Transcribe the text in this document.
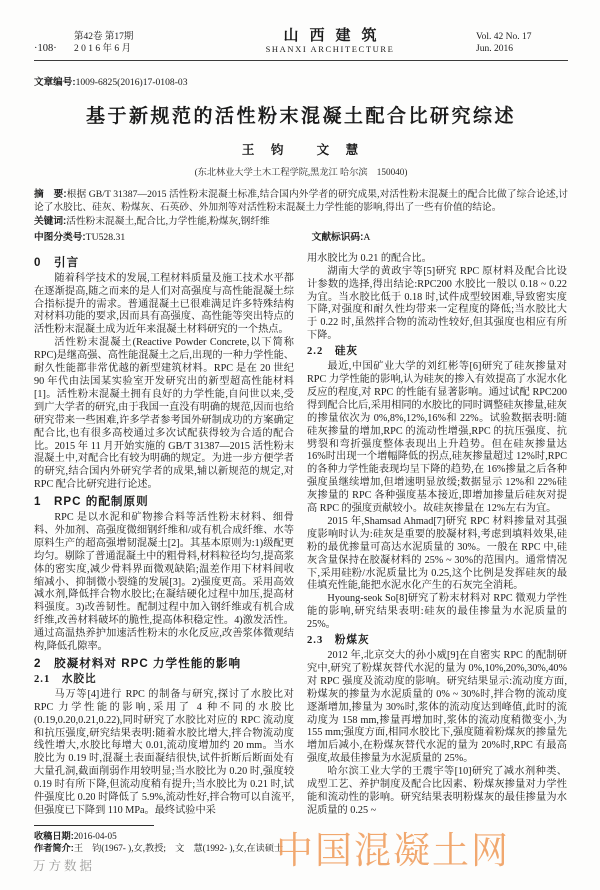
·108·
第42卷 第17期
2 0 1 6 年 6 月
山西建筑
SHANXI ARCHITECTURE
Vol. 42 No. 17
Jun. 2016
文章编号:1009-6825(2016)17-0108-03
基于新规范的活性粉末混凝土配合比研究综述
王　钧 文　慧
(东北林业大学土木工程学院,黑龙江 哈尔滨　150040)
摘　要:根据 GB/T 31387—2015 活性粉末混凝土标准,结合国内外学者的研究成果,对活性粉末混凝土的配合比做了综合论述,讨论了水胶比、硅灰、粉煤灰、石英砂、外加剂等对活性粉末混凝土力学性能的影响,得出了一些有价值的结论。
关键词:活性粉末混凝土,配合比,力学性能,粉煤灰,钢纤维
中图分类号:TU528.31	文献标识码:A
0　引言

随着科学技术的发展,工程材料质量及施工技术水平都在逐渐提高,随之而来的是人们对高强度与高性能混凝土综合指标提升的需求。普通混凝土已很难满足许多特殊结构对材料功能的要求,因而具有高强度、高性能等突出特点的活性粉末混凝土成为近年来混凝土材料研究的一个热点。

活性粉末混凝土(Reactive Powder Concrete,以下简称 RPC)是继高强、高性能混凝土之后,出现的一种力学性能、耐久性能都非常优越的新型建筑材料。RPC 是在 20 世纪 90 年代由法国某实验室开发研究出的新型超高性能材料[1]。活性粉末混凝土拥有良好的力学性能,自问世以来,受到广大学者的研究,由于我国一直没有明确的规范,因而也给研究带来一些困难,许多学者参考国外研制成功的方案确定配合比,也有很多高校通过多次试配获得较为合适的配合比。2015 年 11 月开始实施的 GB/T 31387—2015 活性粉末混凝土中,对配合比有较为明确的规定。为进一步方便学者的研究,结合国内外研究学者的成果,辅以新规范的规定,对 RPC 配合比研究进行论述。

1　RPC 的配制原则

RPC 是以水泥和矿物掺合料等活性粉末材料、细骨料、外加剂、高强度微细钢纤维和/或有机合成纤维、水等原料生产的超高强增韧混凝土[2]。其基本原则为:1)级配更均匀。剔除了普通混凝土中的粗骨料,材料粒径均匀,提高浆体的密实度,减少骨料界面微观缺陷;温差作用下材料间收缩减小、抑制微小裂缝的发展[3]。2)强度更高。采用高效减水剂,降低拌合物水胶比;在凝结硬化过程中加压,提高材料强度。3)改善韧性。配制过程中加入钢纤维或有机合成纤维,改善材料破坏的脆性,提高体积稳定性。4)激发活性。通过高温热养护加速活性粉末的水化反应,改善浆体微观结构,降低孔隙率。

2　胶凝材料对 RPC 力学性能的影响
2.1　水胶比

马万等[4]进行 RPC 的制备与研究,探讨了水胶比对 RPC 力学性能的影响,采用了 4 种不同的水胶比(0.19,0.20,0.21,0.22),同时研究了水胶比对应的 RPC 流动度和抗压强度,研究结果表明:随着水胶比增大,拌合物流动度线性增大,水胶比每增大 0.01,流动度增加约 20 mm。当水胶比为 0.19 时,混凝土表面凝结很快,试件折断后断面处有大量孔洞,截面削弱作用较明显;当水胶比为 0.20 时,强度较 0.19 时有所下降,但流动度稍有提升;当水胶比为 0.21 时,试件强度比 0.20 时降低了 5.9%,流动性好,拌合物可以自流平,但强度已下降到 110 MPa。最终试验中采

收稿日期:2016-04-05

作者简介:王　钧(1967- ),女,教授;　文　慧(1992- ),女,在读硕士

用水胶比为 0.21 的配合比。

湖南大学的黄政宇等[5]研究 RPC 原材料及配合比设计参数的选择,得出结论:RPC200 水胶比一般以 0.18 ~ 0.22 为宜。当水胶比低于 0.18 时,试件成型较困难,导致密实度下降,对强度和耐久性均带来一定程度的降低;当水胶比大于 0.22 时,虽然拌合物的流动性较好,但其强度也相应有所下降。

2.2　硅灰

最近,中国矿业大学的刘红彬等[6]研究了硅灰掺量对 RPC 力学性能的影响,认为硅灰的掺入有效提高了水泥水化反应的程度,对 RPC 的性能有显著影响。通过试配 RPC200 得到配合比后,采用相同的水胶比的同时调整硅灰掺量,硅灰的掺量依次为 0%,8%,12%,16%和 22%。试验数据表明:随硅灰掺量的增加,RPC 的流动性增强,RPC 的抗压强度、抗劈裂和弯折强度整体表现出上升趋势。但在硅灰掺量达 16%时出现一个增幅降低的拐点,硅灰掺量超过 12%时,RPC 的各种力学性能表现均呈下降的趋势,在 16%掺量之后各种强度虽继续增加,但增速明显放缓;数据显示 12%和 22%硅灰掺量的 RPC 各种强度基本接近,即增加掺量后硅灰对提高 RPC 的强度贡献较小。故硅灰掺量在 12%左右为宜。

2015 年,Shamsad Ahmad[7]研究 RPC 材料掺量对其强度影响时认为:硅灰是重要的胶凝材料,考虑到填料效果,硅粉的最优掺量可高达水泥质量的 30%。一般在 RPC 中,硅灰含量保持在胶凝材料的 25% ~ 30%的范围内。通常情况下,采用硅粉/水泥质量比为 0.25,这个比例是发挥硅灰的最佳填充性能,能把水泥水化产生的石灰完全消耗。

Hyoung-seok So[8]研究了粉末材料对 RPC 微观力学性能的影响,研究结果表明:硅灰的最佳掺量为水泥质量的 25%。

2.3　粉煤灰

2012 年,北京交大的孙小威[9]在自密实 RPC 的配制研究中,研究了粉煤灰替代水泥的量为 0%,10%,20%,30%,40%对 RPC 强度及流动度的影响。研究结果显示:流动度方面,粉煤灰的掺量为水泥质量的 0% ~ 30%时,拌合物的流动度逐渐增加,掺量为 30%时,浆体的流动度达到峰值,此时的流动度为 158 mm,掺量再增加时,浆体的流动度稍微变小,为 155 mm;强度方面,相同水胶比下,强度随着粉煤灰的掺量先增加后减小,在粉煤灰替代水泥的量为 20%时,RPC 有最高强度,故最佳掺量为水泥质量的 25%。

哈尔滨工业大学的王震宇等[10]研究了减水剂种类、成型工艺、养护制度及配合比因素、粉煤灰掺量对力学性能和流动性的影响。研究结果表明粉煤灰的最佳掺量为水泥质量的 0.25 ~

万方数据	中国混凝土网
